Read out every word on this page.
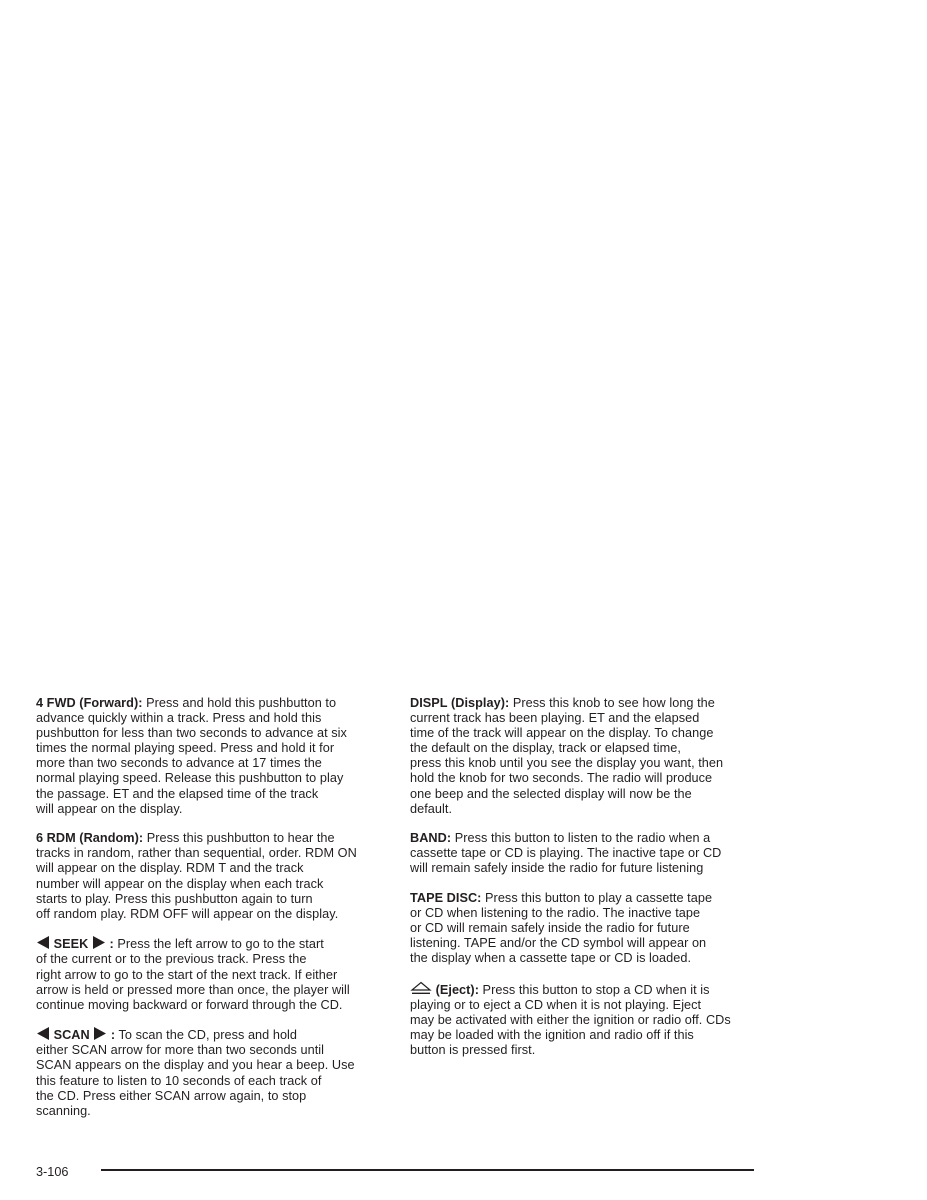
4 FWD (Forward): Press and hold this pushbutton to
advance quickly within a track. Press and hold this
pushbutton for less than two seconds to advance at six
times the normal playing speed. Press and hold it for
more than two seconds to advance at 17 times the
normal playing speed. Release this pushbutton to play
the passage. ET and the elapsed time of the track
will appear on the display.

6 RDM (Random): Press this pushbutton to hear the
tracks in random, rather than sequential, order. RDM ON
will appear on the display. RDM T and the track
number will appear on the display when each track
starts to play. Press this pushbutton again to turn
off random play. RDM OFF will appear on the display.

SEEK  : Press the left arrow to go to the start
of the current or to the previous track. Press the
right arrow to go to the start of the next track. If either
arrow is held or pressed more than once, the player will
continue moving backward or forward through the CD.

SCAN  : To scan the CD, press and hold
either SCAN arrow for more than two seconds until
SCAN appears on the display and you hear a beep. Use
this feature to listen to 10 seconds of each track of
the CD. Press either SCAN arrow again, to stop
scanning.

DISPL (Display): Press this knob to see how long the
current track has been playing. ET and the elapsed
time of the track will appear on the display. To change
the default on the display, track or elapsed time,
press this knob until you see the display you want, then
hold the knob for two seconds. The radio will produce
one beep and the selected display will now be the
default.

BAND: Press this button to listen to the radio when a
cassette tape or CD is playing. The inactive tape or CD
will remain safely inside the radio for future listening

TAPE DISC: Press this button to play a cassette tape
or CD when listening to the radio. The inactive tape
or CD will remain safely inside the radio for future
listening. TAPE and/or the CD symbol will appear on
the display when a cassette tape or CD is loaded.

(Eject): Press this button to stop a CD when it is
playing or to eject a CD when it is not playing. Eject
may be activated with either the ignition or radio off. CDs
may be loaded with the ignition and radio off if this
button is pressed first.

3-106
